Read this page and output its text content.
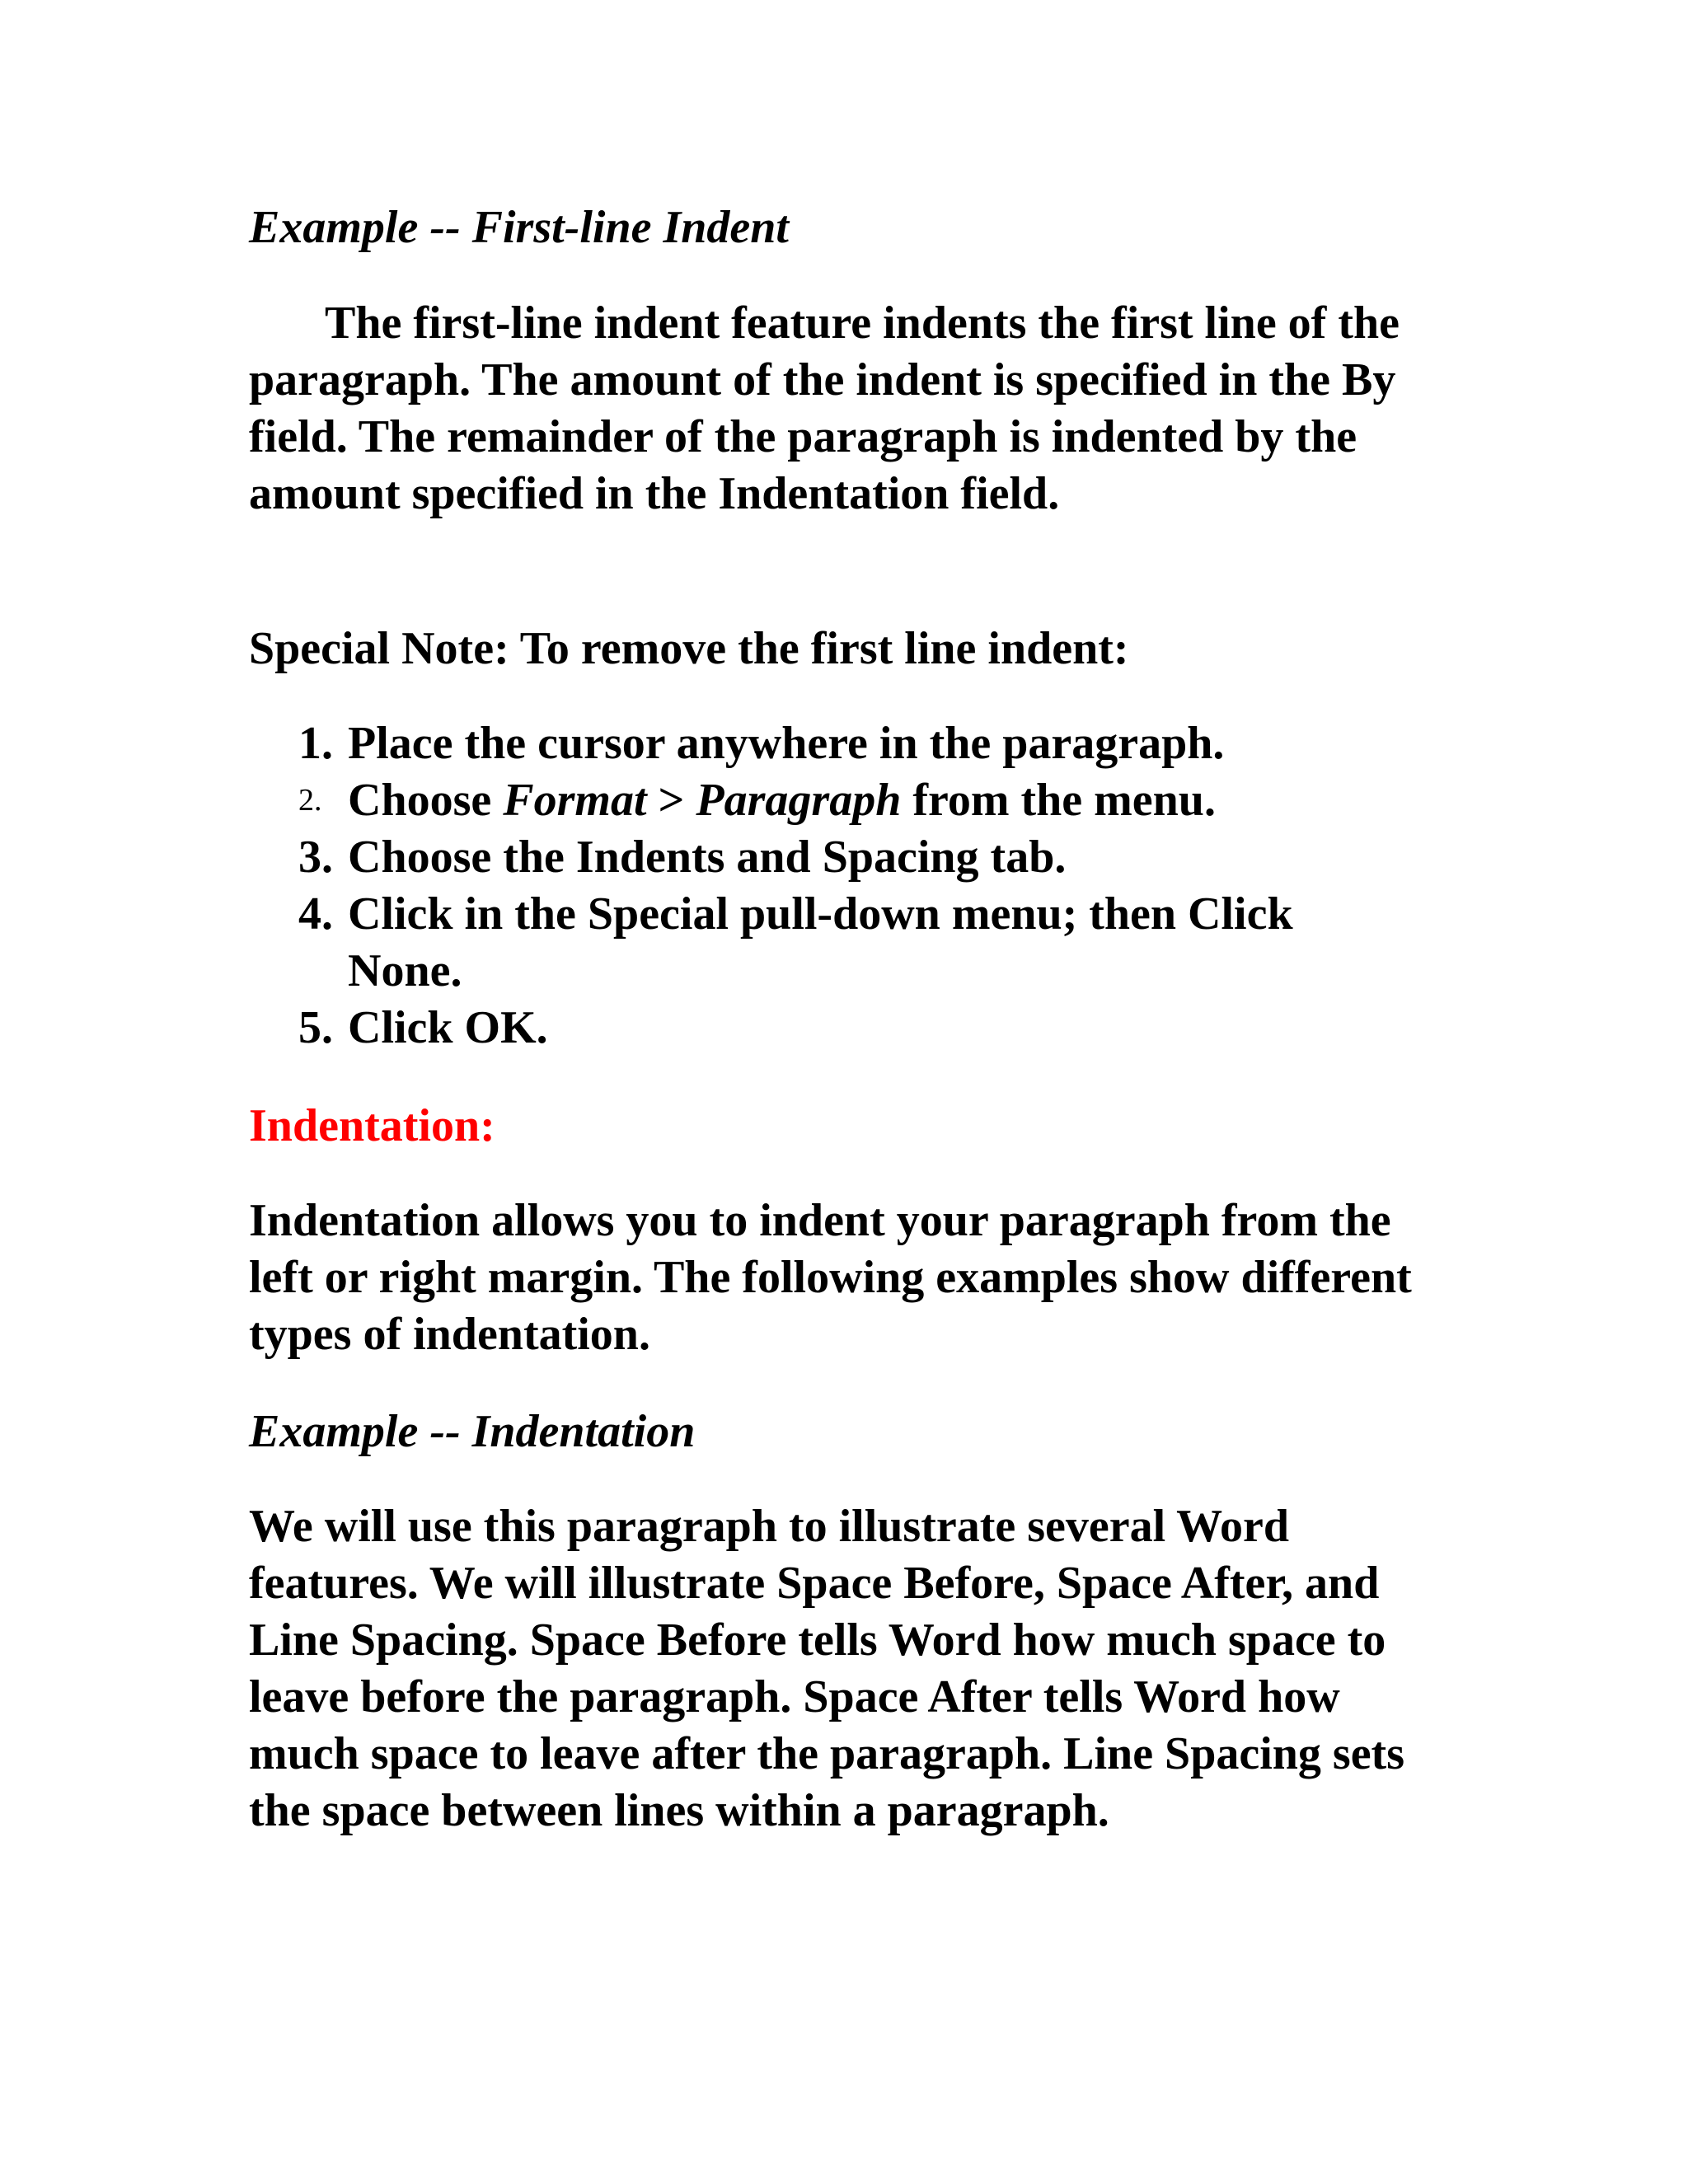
Example -- First-line Indent

The first-line indent feature indents the first line of the paragraph. The amount of the indent is specified in the By field. The remainder of the paragraph is indented by the amount specified in the Indentation field.

Special Note: To remove the first line indent:

1. Place the cursor anywhere in the paragraph.
2. Choose Format > Paragraph from the menu.
3. Choose the Indents and Spacing tab.
4. Click in the Special pull-down menu; then Click None.
5. Click OK.

Indentation:

Indentation allows you to indent your paragraph from the left or right margin. The following examples show different types of indentation.

Example -- Indentation

We will use this paragraph to illustrate several Word features. We will illustrate Space Before, Space After, and Line Spacing. Space Before tells Word how much space to leave before the paragraph. Space After tells Word how much space to leave after the paragraph. Line Spacing sets the space between lines within a paragraph.
